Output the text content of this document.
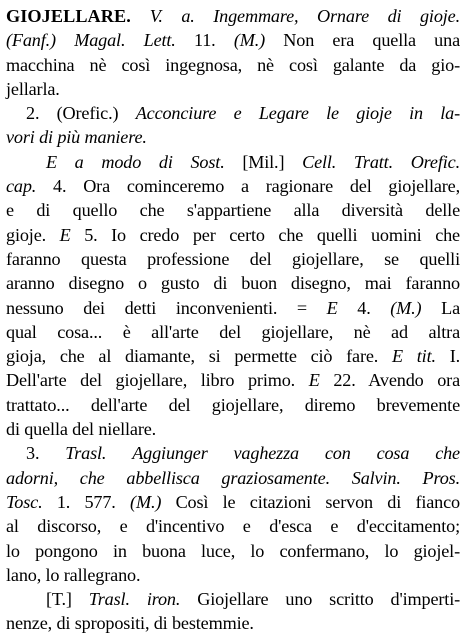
GIOJELLARE. V. a. Ingemmare, Ornare di gioje.
(Fanf.) Magal. Lett. 11. (M.) Non era quella una
macchina nè così ingegnosa, nè così galante da gio-
jellarla.
2. (Orefic.) Acconciure e Legare le gioje in la-
vori di più maniere.
E a modo di Sost. [Mil.] Cell. Tratt. Orefic.
cap. 4. Ora cominceremo a ragionare del giojellare,
e di quello che s'appartiene alla diversità delle
gioje. E 5. Io credo per certo che quelli uomini che
faranno questa professione del giojellare, se quelli
aranno disegno o gusto di buon disegno, mai faranno
nessuno dei detti inconvenienti. = E 4. (M.) La
qual cosa... è all'arte del giojellare, nè ad altra
gioja, che al diamante, si permette ciò fare. E tit. I.
Dell'arte del giojellare, libro primo. E 22. Avendo ora
trattato... dell'arte del giojellare, diremo brevemente
di quella del niellare.
3. Trasl. Aggiunger vaghezza con cosa che
adorni, che abbellisca graziosamente. Salvin. Pros.
Tosc. 1. 577. (M.) Così le citazioni servon di fianco
al discorso, e d'incentivo e d'esca e d'eccitamento;
lo pongono in buona luce, lo confermano, lo giojel-
lano, lo rallegrano.
[T.] Trasl. iron. Giojellare uno scritto d'imperti-
nenze, di spropositi, di bestemmie.
